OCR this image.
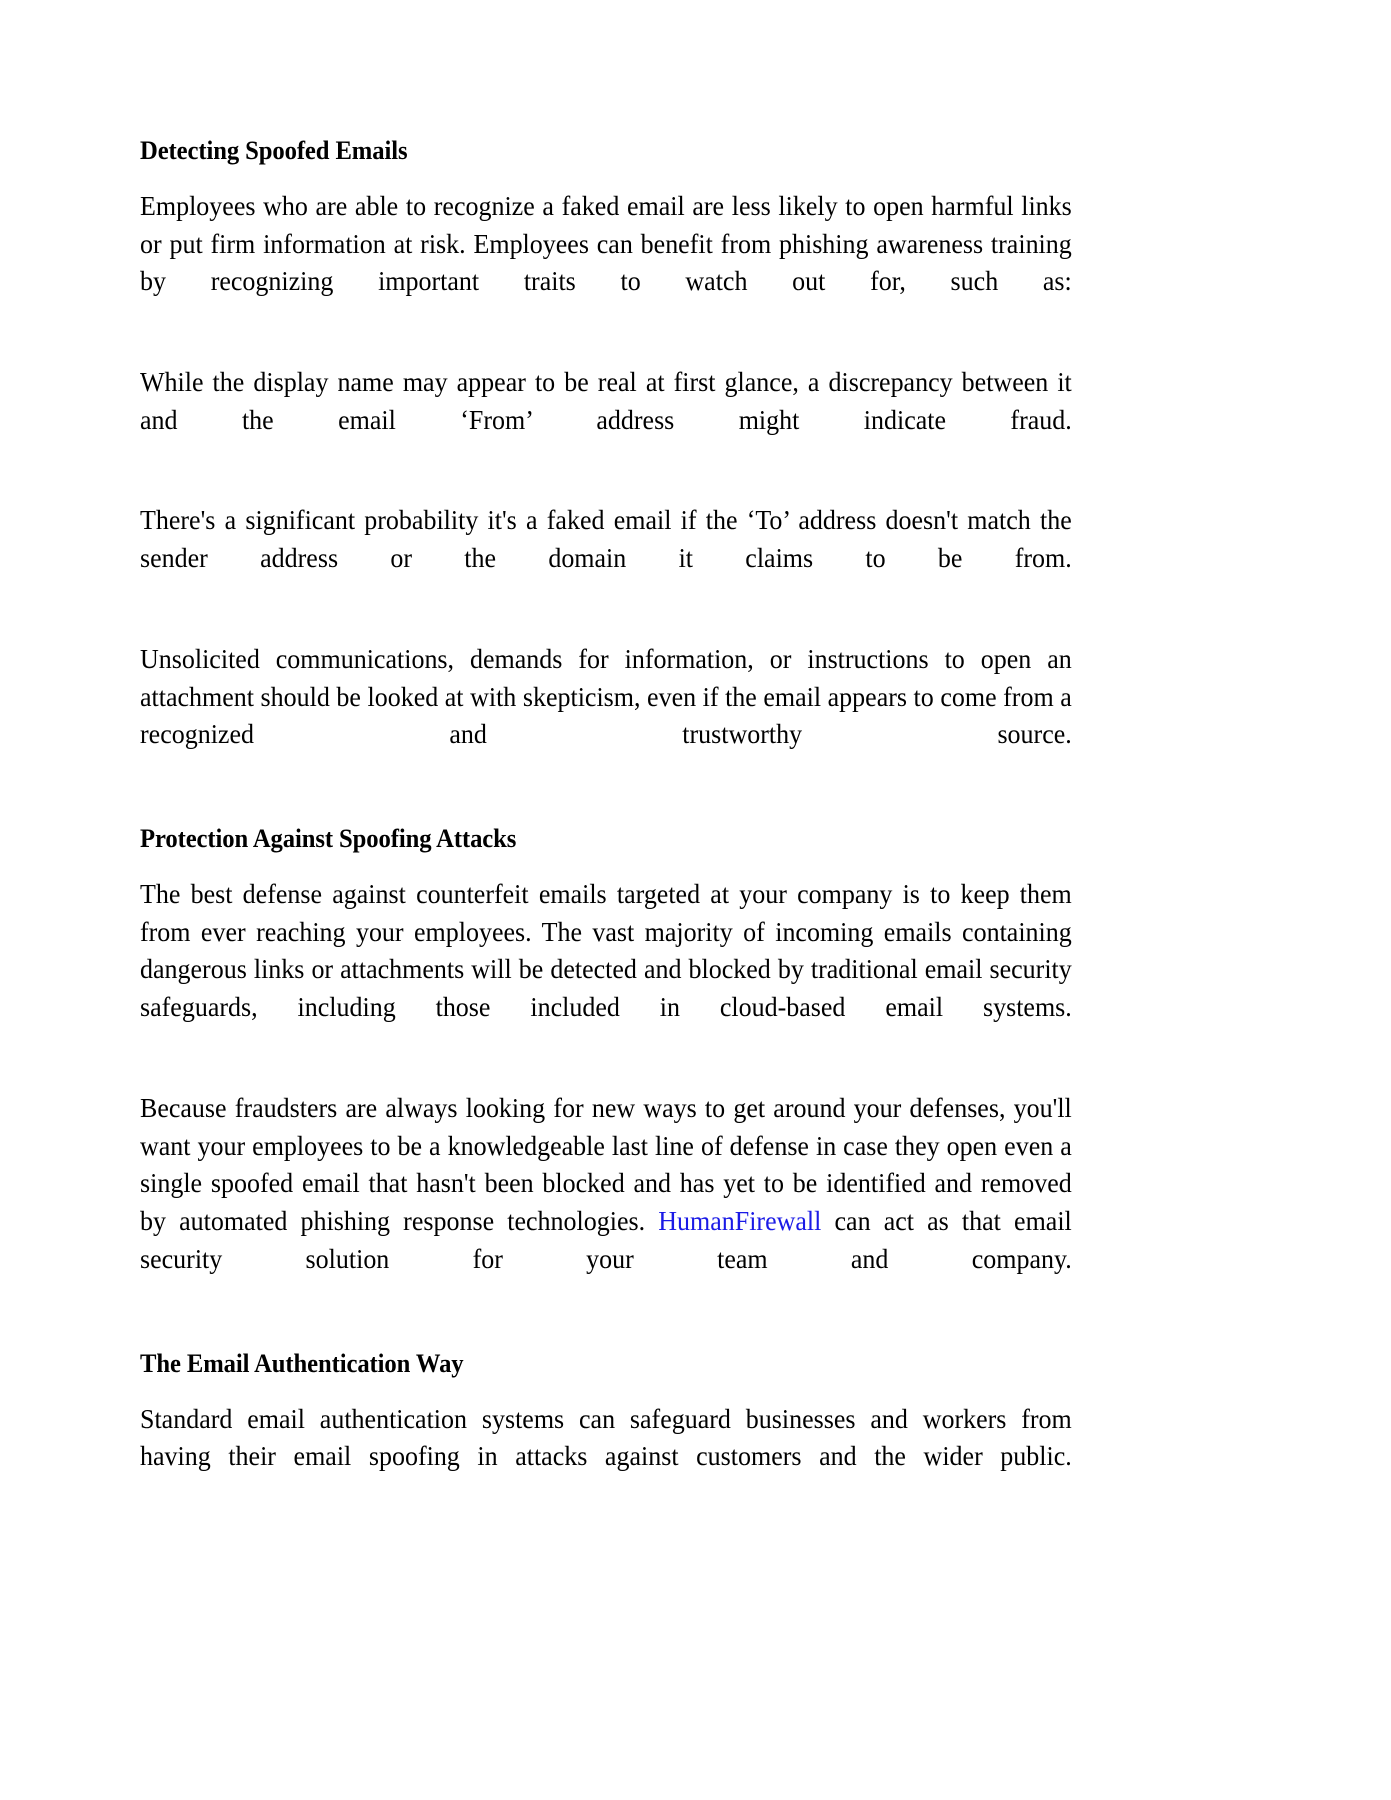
Detecting Spoofed Emails

Employees who are able to recognize a faked email are less likely to open harmful links or put firm information at risk. Employees can benefit from phishing awareness training by recognizing important traits to watch out for, such as:

While the display name may appear to be real at first glance, a discrepancy between it and the email ‘From’ address might indicate fraud.

There's a significant probability it's a faked email if the ‘To’ address doesn't match the sender address or the domain it claims to be from.

Unsolicited communications, demands for information, or instructions to open an attachment should be looked at with skepticism, even if the email appears to come from a recognized and trustworthy source.

Protection Against Spoofing Attacks

The best defense against counterfeit emails targeted at your company is to keep them from ever reaching your employees. The vast majority of incoming emails containing dangerous links or attachments will be detected and blocked by traditional email security safeguards, including those included in cloud-based email systems.

Because fraudsters are always looking for new ways to get around your defenses, you'll want your employees to be a knowledgeable last line of defense in case they open even a single spoofed email that hasn't been blocked and has yet to be identified and removed by automated phishing response technologies. HumanFirewall can act as that email security solution for your team and company.

The Email Authentication Way

Standard email authentication systems can safeguard businesses and workers from having their email spoofing in attacks against customers and the wider public.
